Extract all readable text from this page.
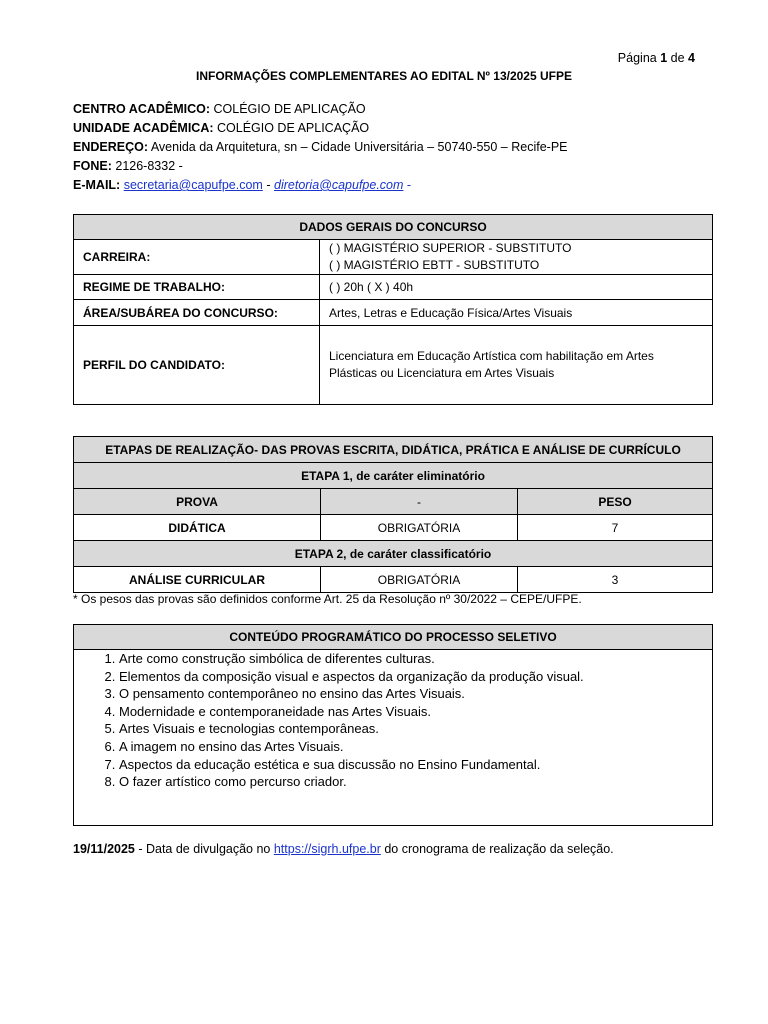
Página 1 de 4
INFORMAÇÕES COMPLEMENTARES AO EDITAL Nº 13/2025 UFPE
CENTRO ACADÊMICO: COLÉGIO DE APLICAÇÃO
UNIDADE ACADÊMICA: COLÉGIO DE APLICAÇÃO
ENDEREÇO: Avenida da Arquitetura, sn – Cidade Universitária – 50740-550 – Recife-PE
FONE: 2126-8332 -
E-MAIL: secretaria@capufpe.com - diretoria@capufpe.com -
DADOS GERAIS DO CONCURSO	
CARREIRA:	( ) MAGISTÉRIO SUPERIOR - SUBSTITUTO
( ) MAGISTÉRIO EBTT - SUBSTITUTO

REGIME DE TRABALHO:	( ) 20h ( X ) 40h
ÁREA/SUBÁREA DO CONCURSO:	Artes, Letras e Educação Física/Artes Visuais
PERFIL DO CANDIDATO:	Licenciatura em Educação Artística com habilitação em Artes Plásticas ou Licenciatura em Artes Visuais
ETAPAS DE REALIZAÇÃO- DAS PROVAS ESCRITA, DIDÁTICA, PRÁTICA E ANÁLISE DE CURRÍCULO		
ETAPA 1, de caráter eliminatório		
PROVA	-	PESO
DIDÁTICA	OBRIGATÓRIA	7
ETAPA 2, de caráter classificatório		
ANÁLISE CURRICULAR	OBRIGATÓRIA	3
* Os pesos das provas são definidos conforme Art. 25 da Resolução nº 30/2022 – CEPE/UFPE.
CONTEÚDO PROGRAMÁTICO DO PROCESSO SELETIVO

1. Arte como construção simbólica de diferentes culturas.
2. Elementos da composição visual e aspectos da organização da produção visual.
3. O pensamento contemporâneo no ensino das Artes Visuais.
4. Modernidade e contemporaneidade nas Artes Visuais.
5. Artes Visuais e tecnologias contemporâneas.
6. A imagem no ensino das Artes Visuais.
7. Aspectos da educação estética e sua discussão no Ensino Fundamental.
8. O fazer artístico como percurso criador.
19/11/2025 - Data de divulgação no https://sigrh.ufpe.br do cronograma de realização da seleção.
